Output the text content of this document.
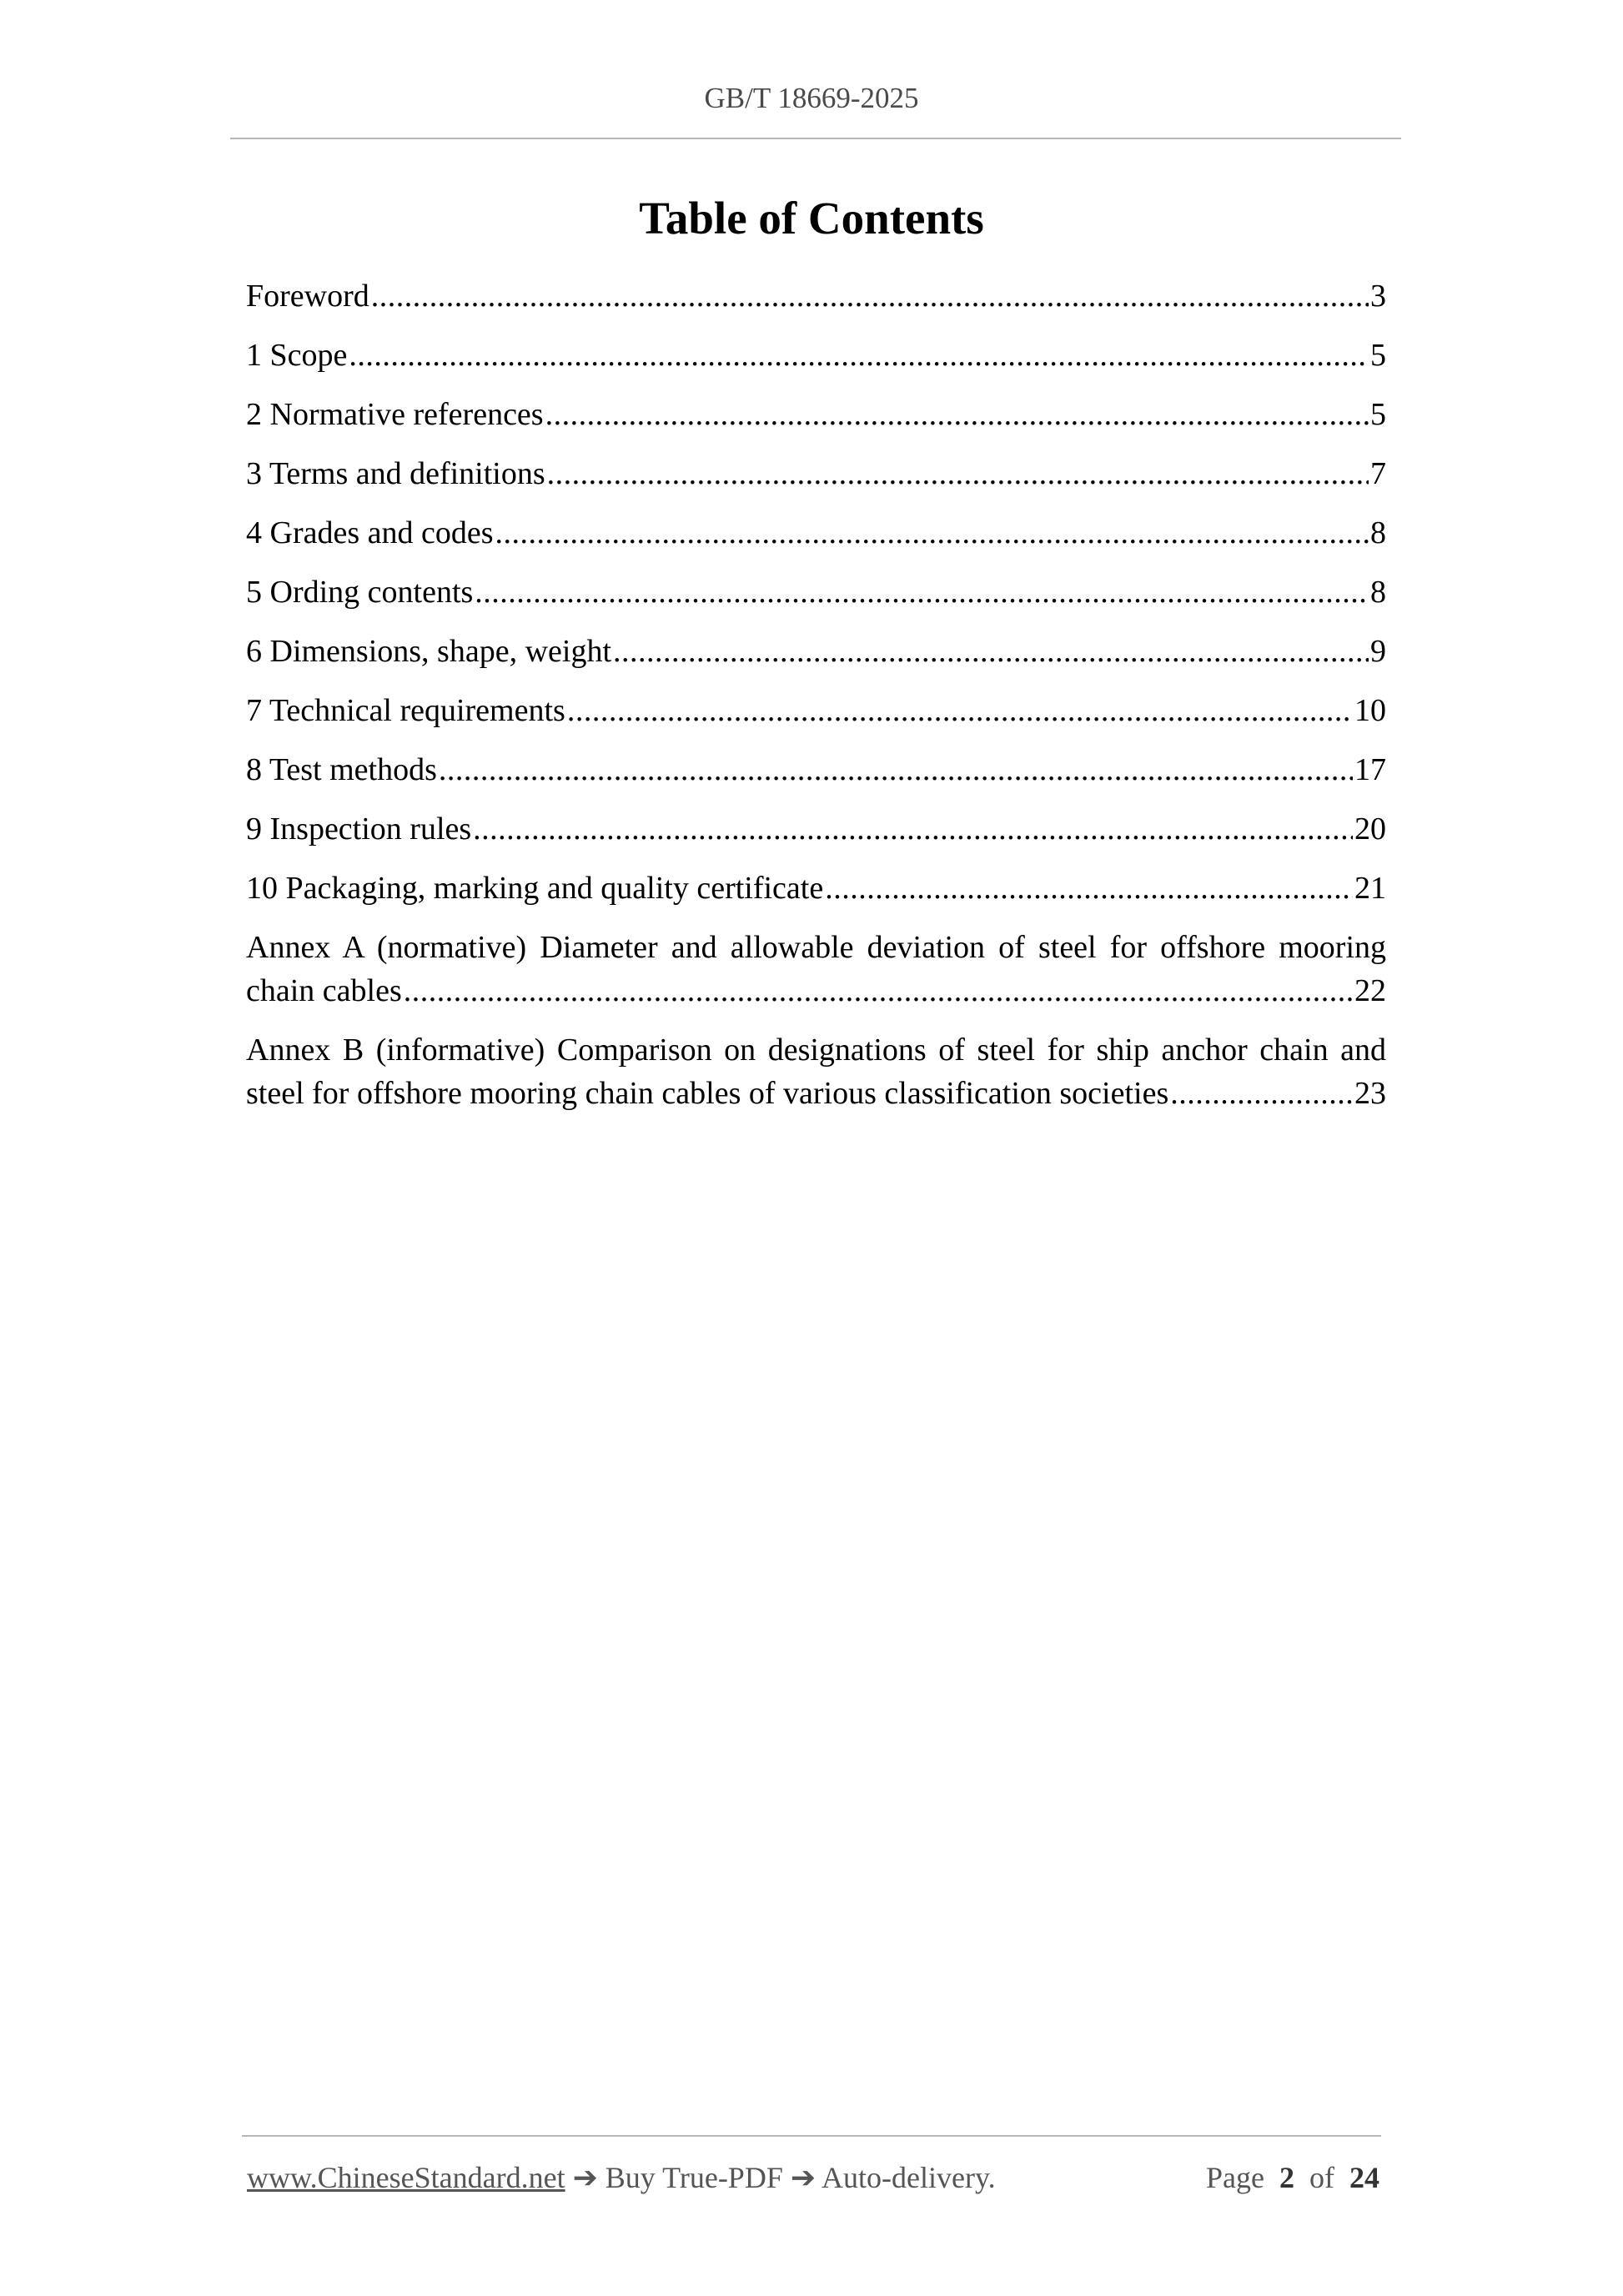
GB/T 18669-2025
Table of Contents
Foreword .....	3
1 Scope .....	5
2 Normative references .....	5
3 Terms and definitions .....	7
4 Grades and codes .....	8
5 Ording contents .....	8
6 Dimensions, shape, weight .....	9
7 Technical requirements .....	10
8 Test methods .....	17
9 Inspection rules .....	20
10 Packaging, marking and quality certificate .....	21
Annex A (normative) Diameter and allowable deviation of steel for offshore mooring
chain cables .....	22
Annex B (informative) Comparison on designations of steel for ship anchor chain and
steel for offshore mooring chain cables of various classification societies .....	23
www.ChineseStandard.net ➔ Buy True-PDF ➔ Auto-delivery.	Page 2 of 24
